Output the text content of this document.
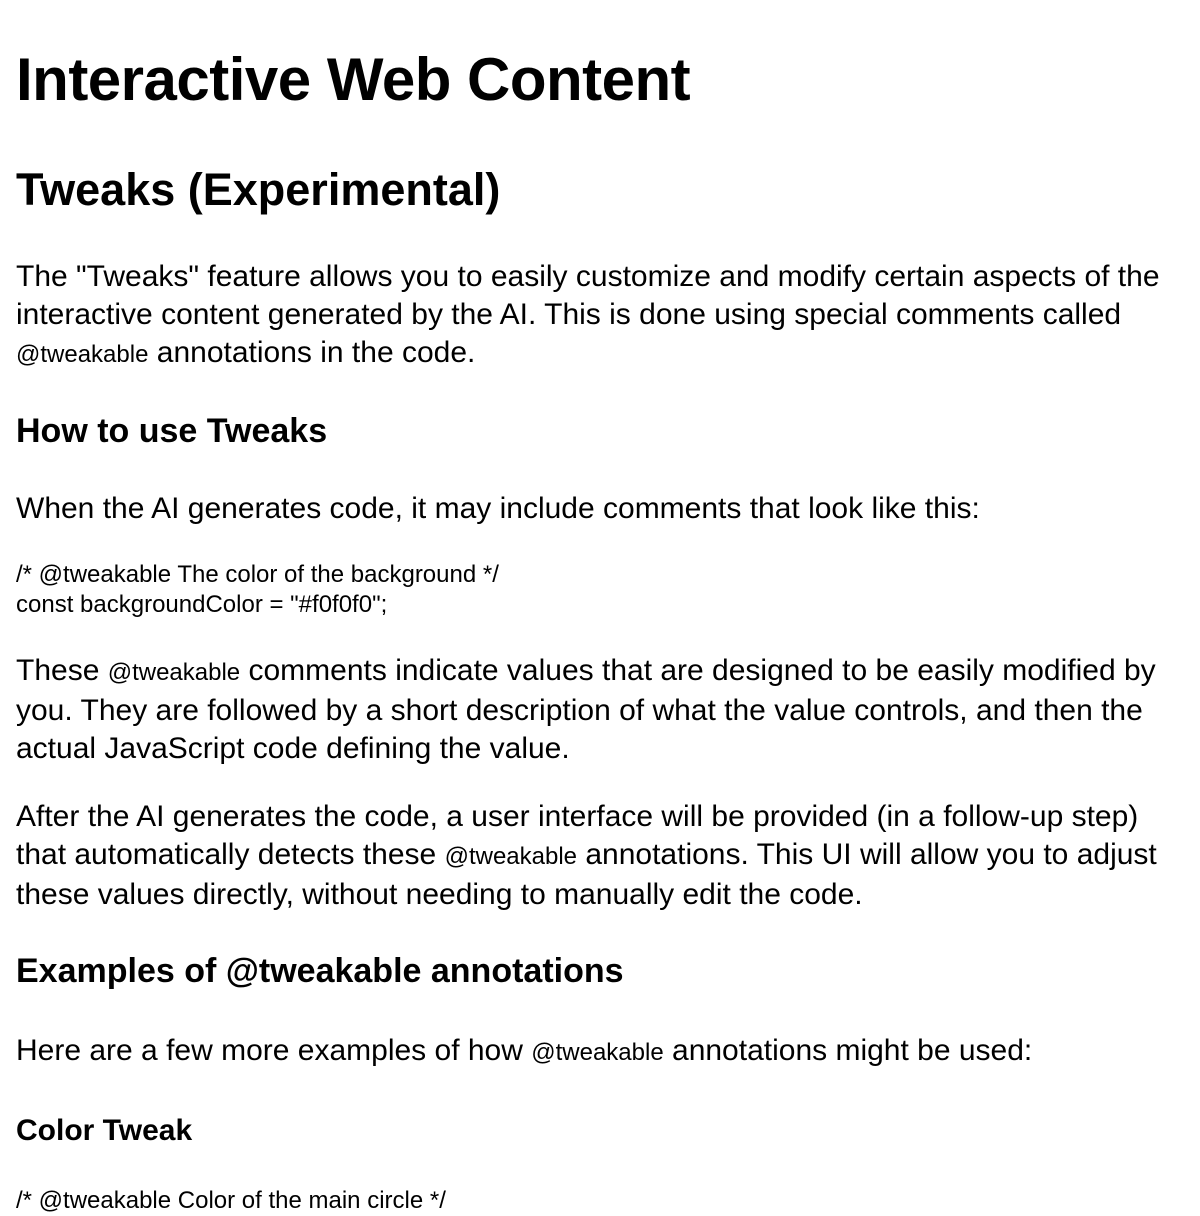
Interactive Web Content
Tweaks (Experimental)

The "Tweaks" feature allows you to easily customize and modify certain aspects of the interactive content generated by the AI. This is done using special comments called @tweakable annotations in the code.

How to use Tweaks

When the AI generates code, it may include comments that look like this:

/* @tweakable The color of the background */
const backgroundColor = "#f0f0f0";

These @tweakable comments indicate values that are designed to be easily modified by you. They are followed by a short description of what the value controls, and then the actual JavaScript code defining the value.

After the AI generates the code, a user interface will be provided (in a follow-up step) that automatically detects these @tweakable annotations. This UI will allow you to adjust these values directly, without needing to manually edit the code.

Examples of @tweakable annotations

Here are a few more examples of how @tweakable annotations might be used:

Color Tweak
/* @tweakable Color of the main circle */
